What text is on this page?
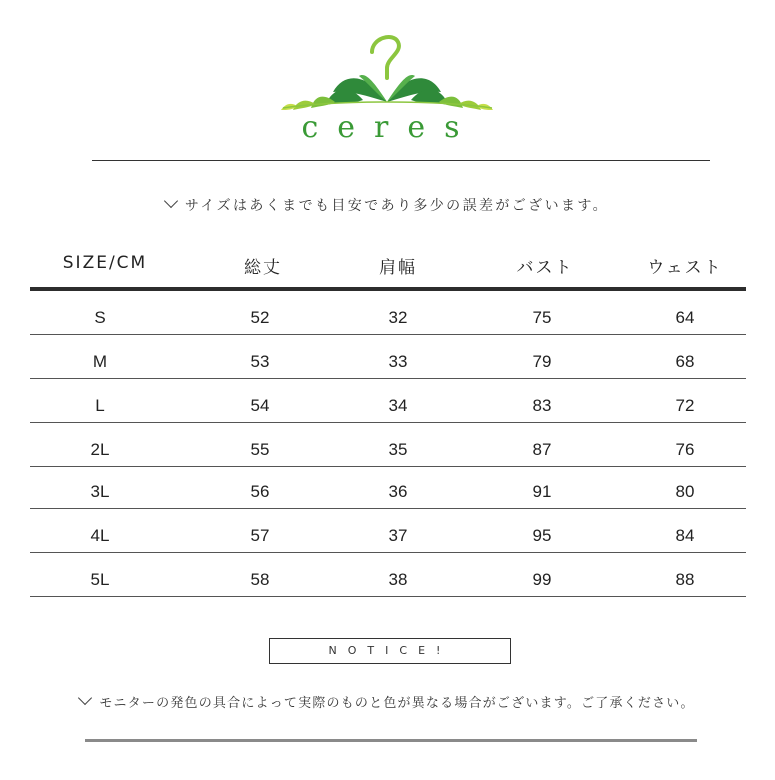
ceres
サイズはあくまでも目安であり多少の誤差がございます。
SIZE/CM	総丈	肩幅	バスト	ウェスト
S	52	32	75	64
M	53	33	79	68
L	54	34	83	72
2L	55	35	87	76
3L	56	36	91	80
4L	57	37	95	84
5L	58	38	99	88
NOTICE!
モニターの発色の具合によって実際のものと色が異なる場合がございます。ご了承ください。
